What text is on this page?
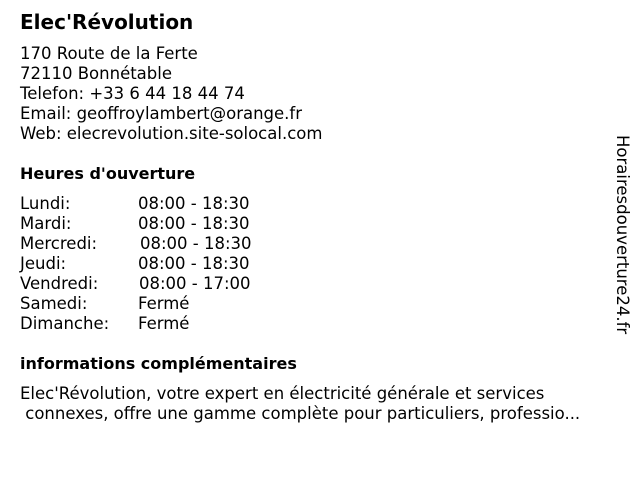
Elec'Révolution
170 Route de la Ferte
72110 Bonnétable
Telefon: +33 6 44 18 44 74
Email: geoffroylambert@orange.fr
Web: elecrevolution.site-solocal.com
Heures d'ouverture
Lundi:	08:00 - 18:30
Mardi:	08:00 - 18:30
Mercredi:	08:00 - 18:30
Jeudi:	08:00 - 18:30
Vendredi: 08:00 - 17:00
Samedi:	Fermé
Dimanche: Fermé
informations complémentaires
Elec'Révolution, votre expert en électricité générale et services
connexes, offre une gamme complète pour particuliers, professio...
Horairesdouverture24.fr
